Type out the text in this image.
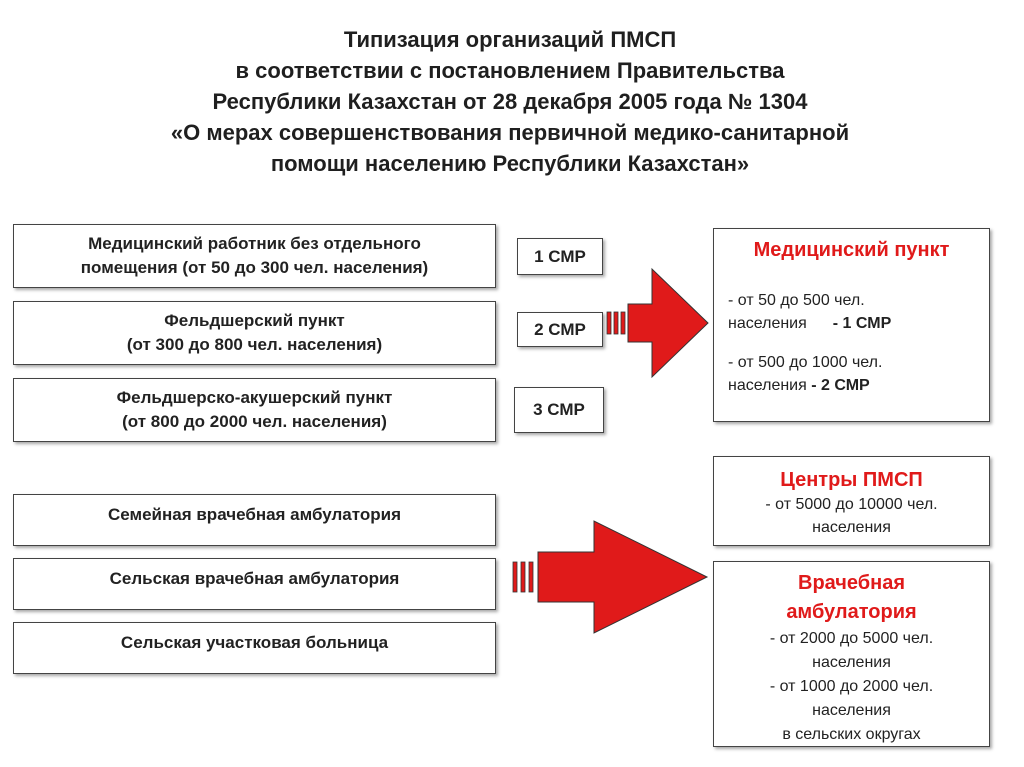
Типизация организаций ПМСП
в соответствии с постановлением Правительства
Республики Казахстан от 28 декабря 2005 года № 1304
«О мерах совершенствования первичной медико-санитарной
помощи населению Республики Казахстан»
Медицинский работник без отдельного
помещения (от 50 до 300 чел. населения)
Фельдшерский пункт
(от 300 до 800 чел. населения)
Фельдшерско-акушерский пункт
(от 800 до 2000 чел. населения)
1 СМР
2 СМР
3 СМР
Семейная врачебная амбулатория
Сельская врачебная амбулатория
Сельская участковая больница
Медицинский пункт
- от 50 до 500 чел.
населения - 1 СМР
- от 500 до 1000 чел.
населения - 2 СМР
Центры ПМСП
- от 5000 до 10000 чел.
населения
Врачебная
амбулатория
- от 2000 до 5000 чел.
населения
- от 1000 до 2000 чел.
населения
в сельских округах
